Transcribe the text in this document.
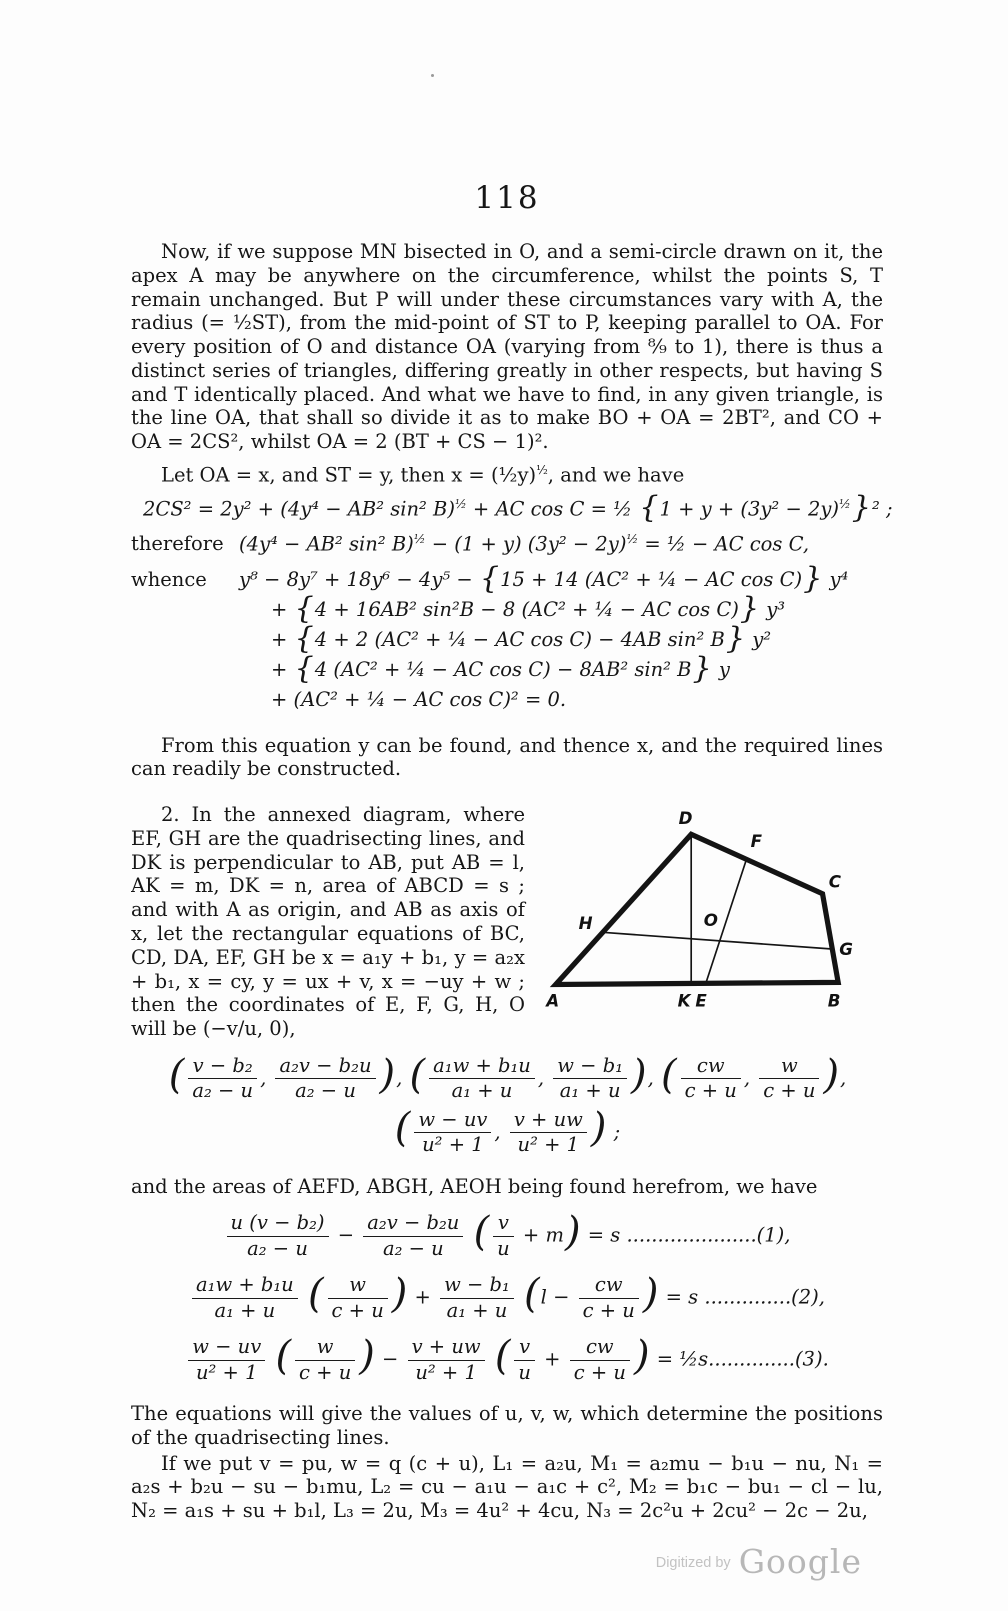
118

Now, if we suppose MN bisected in O, and a semi-circle drawn on it, the apex A may be anywhere on the circumference, whilst the points S, T remain unchanged. But P will under these circumstances vary with A, the radius (= ½ST), from the mid-point of ST to P, keeping parallel to OA. For every position of O and distance OA (varying from ⁸⁄₉ to 1), there is thus a distinct series of triangles, differing greatly in other respects, but having S and T identically placed. And what we have to find, in any given triangle, is the line OA, that shall so divide it as to make BO + OA = 2BT², and CO + OA = 2CS², whilst OA = 2 (BT + CS − 1)².

Let OA = x, and ST = y, then x = (½y)$^{\frac{1}{2}}$, and we have

2CS² = 2y² + (4y⁴ − AB² sin² B)$^{\frac{1}{2}}$ + AC cos C = ½ $\{1 + y + (3y^2 - 2y)^{\frac{1}{2}}\}^2$ ;
therefore (4y⁴ − AB² sin² B)$^{\frac{1}{2}}$ − (1 + y) $(3y^2 - 2y)^{\frac{1}{2}}$ = ½ − AC cos C,
whence	y⁸ − 8y⁷ + 18y⁶ − 4y⁵ − {15 + 14 (AC² + ¼ − AC cos C)} y⁴
+ {4 + 16AB² sin²B − 8 (AC² + ¼ − AC cos C)} y³
+ {4 + 2 (AC² + ¼ − AC cos C) − 4AB sin² B} y²
+ {4 (AC² + ¼ − AC cos C) − 8AB² sin² B} y
+ (AC² + ¼ − AC cos C)² = 0.

From this equation y can be found, and thence x, and the required lines can readily be constructed.

D
F
C
H	O
G
A	K E	B

2. In the annexed diagram, where EF, GH are the quadrisecting lines, and DK is perpendicular to AB, put AB = l, AK = m, DK = n, area of ABCD = s ; and with A as origin, and AB as axis of x, let the rectangular equations of BC, CD, DA, EF, GH be x = a₁y + b₁, y = a₂x + b₁, x = cy, y = ux + v, x = −uy + w ; then the coordinates of E, F, G, H, O will be (−v/u, 0),

( $\frac{\text{v − b₂}}{\text{a₂ − u}}$ , $\frac{\text{a₂v − b₂u}}{\text{a₂ − u}}$ ), ( $\frac{\text{a₁w + b₁u}}{\text{a₁ + u}}$ , $\frac{\text{w − b₁}}{\text{a₁ + u}}$ ), ( $\frac{cw}{c + u}$ , $\frac{w}{c + u}$ ),
( $\frac{w - uv}{\text{u² + 1}}$ , $\frac{v + uw}{\text{u² + 1}}$ ) ;

and the areas of AEFD, ABGH, AEOH being found herefrom, we have

$\frac{\text{u (v − b₂)}}{\text{a₂ − u}} - \frac{\text{a₂v − b₂u}}{\text{a₂ − u}}$ ( $\frac{v}{u} + m) = s$ .....................(1),
$\frac{\text{a₁w + b₁u}}{\text{a₁ + u}}$ ( $\frac{w}{c + u}$ ) + $\frac{\text{w − b₁}}{\text{a₁ + u}} (l - \frac{cw}{c + u}$ ) = s ..............(2),
$\frac{w - uv}{\text{u² + 1}}$ ( $\frac{w}{c + u}$ ) − $\frac{v + uw}{\text{u² + 1}}$ ( $\frac{v}{u} + \frac{cw}{c + u}$ ) = ½s..............(3).

The equations will give the values of u, v, w, which determine the positions of the quadrisecting lines.

If we put v = pu, w = q (c + u), L₁ = a₂u, M₁ = a₂mu − b₁u − nu, N₁ = a₂s + b₂u − su − b₁mu, L₂ = cu − a₁u − a₁c + c², M₂ = b₁c − bu₁ − cl − lu, N₂ = a₁s + su + b₁l, L₃ = 2u, M₃ = 4u² + 4cu, N₃ = 2c²u + 2cu² − 2c − 2u,

Digitized by Google
